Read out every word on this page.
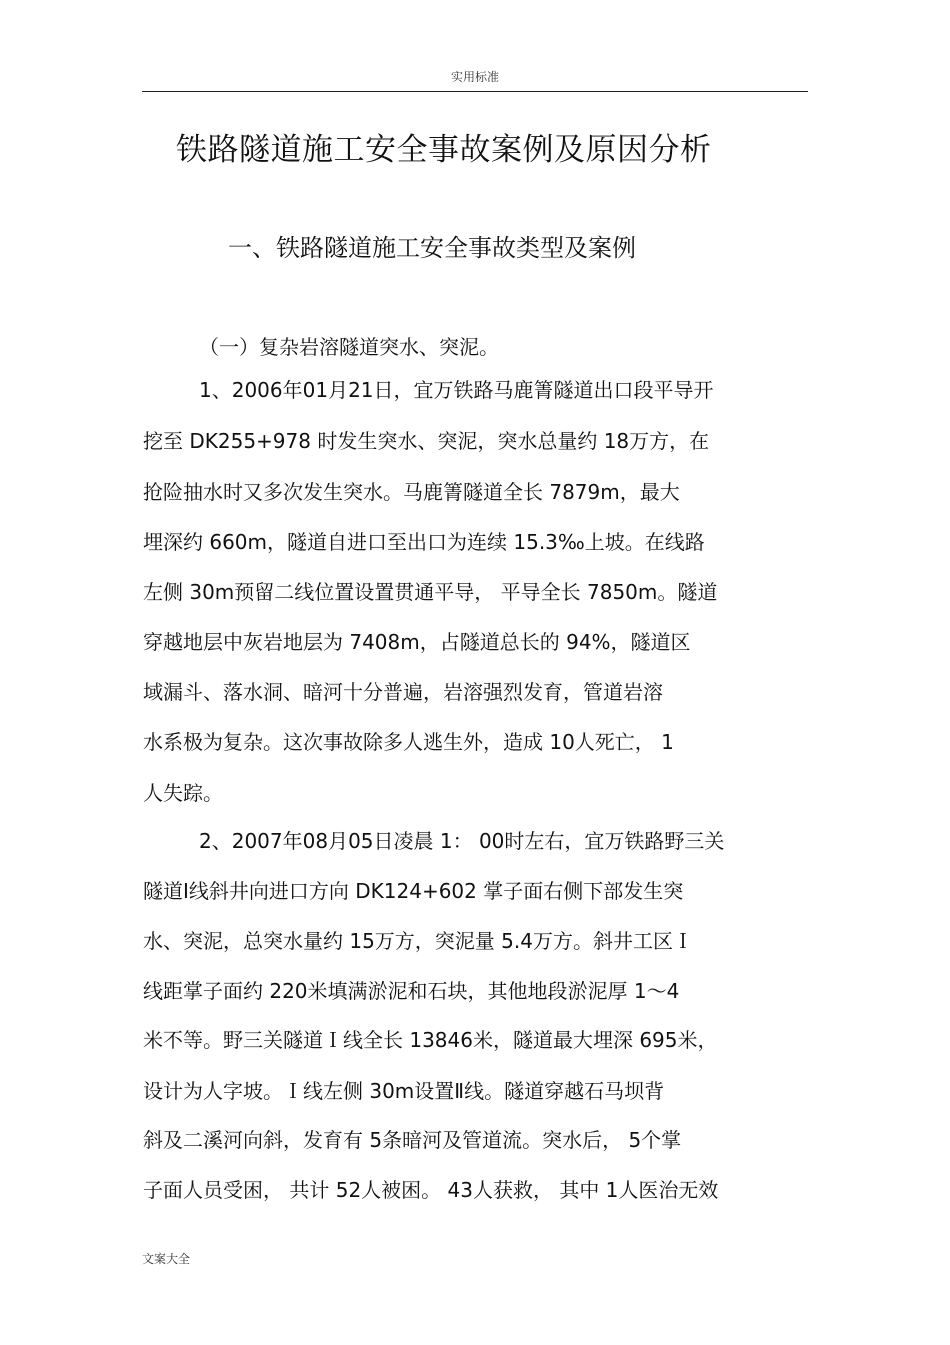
实用标准
铁路隧道施工安全事故案例及原因分析
一、铁路隧道施工安全事故类型及案例
（一）复杂岩溶隧道突水、突泥。
1、2006年01月21日，宜万铁路马鹿箐隧道出口段平导开
挖至 DK255+978 时发生突水、突泥，突水总量约 18万方，在
抢险抽水时又多次发生突水。马鹿箐隧道全长 7879m，最大
埋深约 660m，隧道自进口至出口为连续 15.3‰上坡。在线路
左侧 30m预留二线位置设置贯通平导， 平导全长 7850m。隧道
穿越地层中灰岩地层为 7408m，占隧道总长的 94%，隧道区
域漏斗、落水洞、暗河十分普遍，岩溶强烈发育，管道岩溶
水系极为复杂。这次事故除多人逃生外，造成 10人死亡， 1
人失踪。
2、2007年08月05日凌晨 1： 00时左右，宜万铁路野三关
隧道I线斜井向进口方向 DK124+602 掌子面右侧下部发生突
水、突泥，总突水量约 15万方，突泥量 5.4万方。斜井工区Ｉ
线距掌子面约 220米填满淤泥和石块，其他地段淤泥厚 1～4
米不等。野三关隧道Ｉ线全长 13846米，隧道最大埋深 695米，
设计为人字坡。Ｉ线左侧 30m设置Ⅱ线。隧道穿越石马坝背
斜及二溪河向斜，发育有 5条暗河及管道流。突水后， 5个掌
子面人员受困， 共计 52人被困。 43人获救， 其中 1人医治无效
文案大全
